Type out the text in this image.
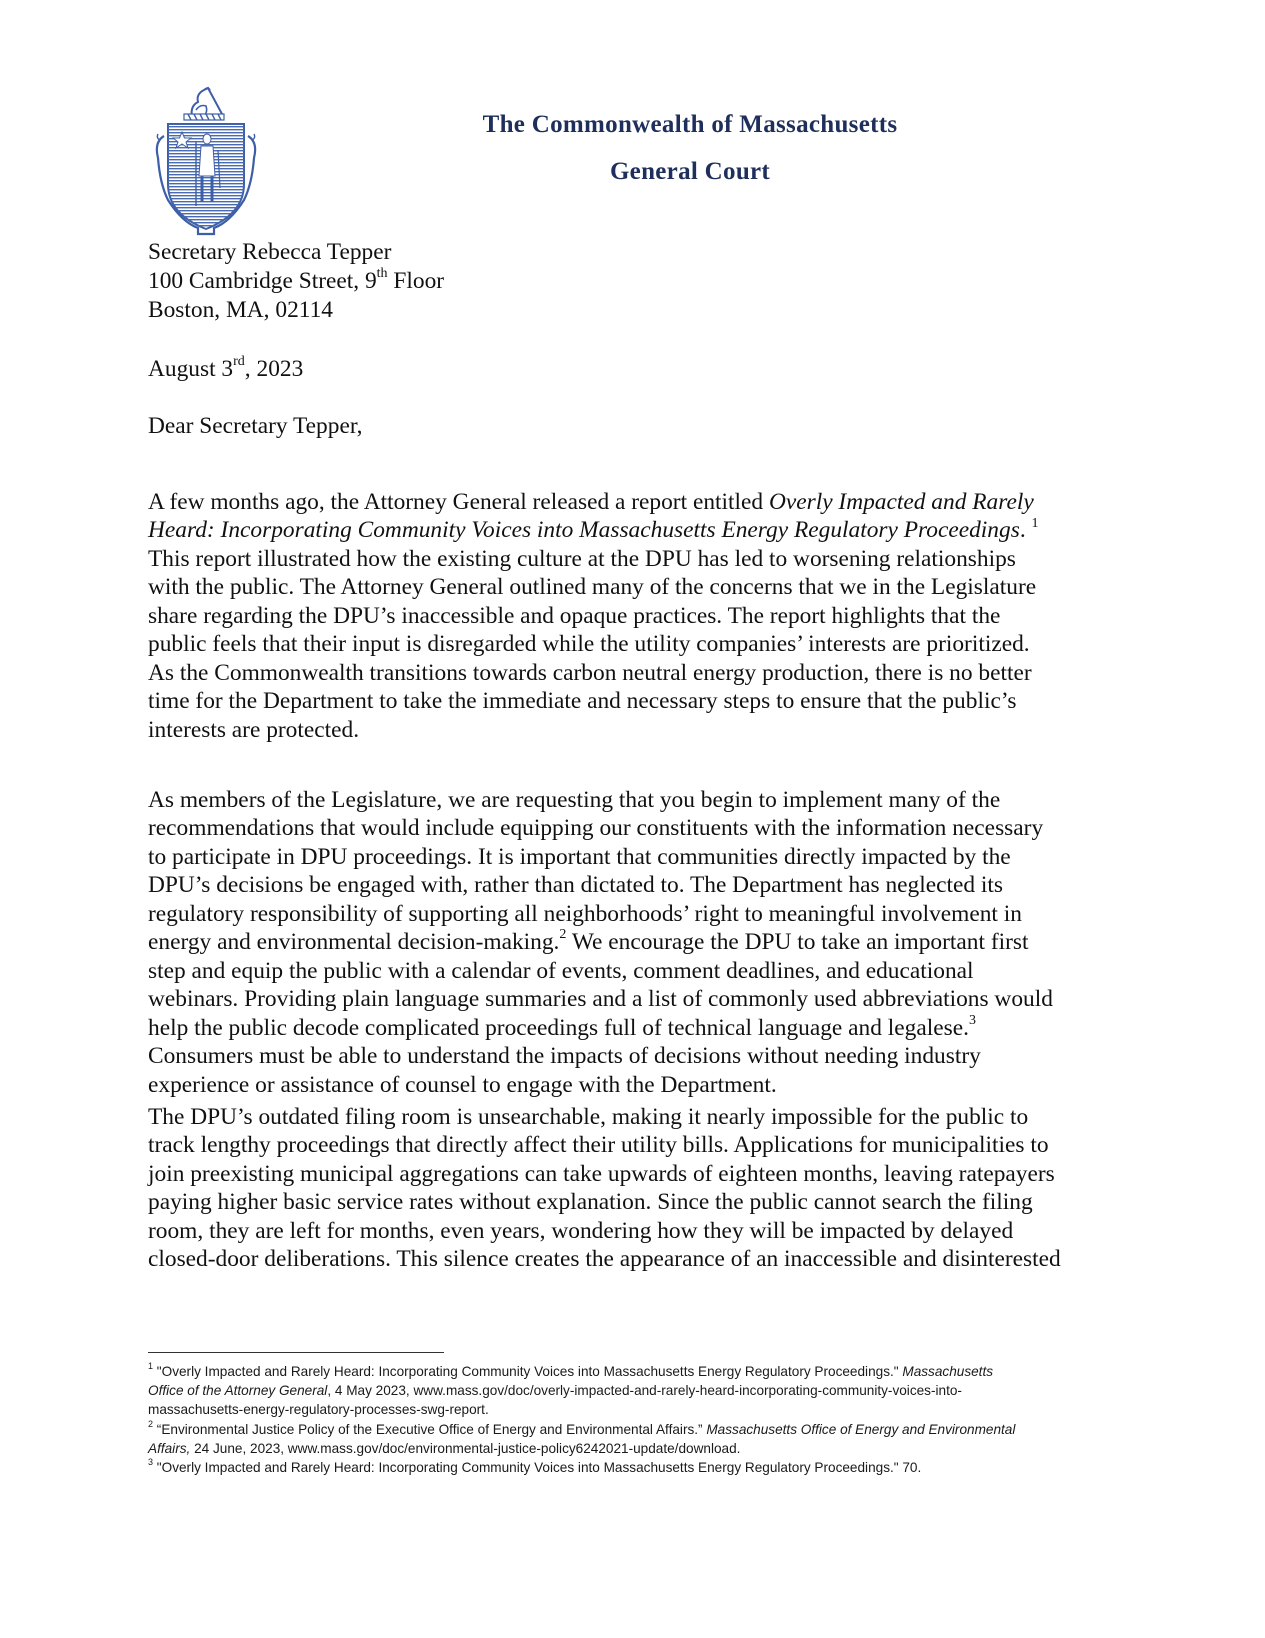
The Commonwealth of Massachusetts
General Court
Secretary Rebecca Tepper
100 Cambridge Street, 9th Floor
Boston, MA, 02114
August 3rd, 2023
Dear Secretary Tepper,
A few months ago, the Attorney General released a report entitled Overly Impacted and Rarely
Heard: Incorporating Community Voices into Massachusetts Energy Regulatory Proceedings. $^1$
This report illustrated how the existing culture at the DPU has led to worsening relationships
with the public. The Attorney General outlined many of the concerns that we in the Legislature
share regarding the DPU’s inaccessible and opaque practices. The report highlights that the
public feels that their input is disregarded while the utility companies’ interests are prioritized.
As the Commonwealth transitions towards carbon neutral energy production, there is no better
time for the Department to take the immediate and necessary steps to ensure that the public’s
interests are protected.
As members of the Legislature, we are requesting that you begin to implement many of the
recommendations that would include equipping our constituents with the information necessary
to participate in DPU proceedings. It is important that communities directly impacted by the
DPU’s decisions be engaged with, rather than dictated to. The Department has neglected its
regulatory responsibility of supporting all neighborhoods’ right to meaningful involvement in
energy and environmental decision-making.$^2$ We encourage the DPU to take an important first
step and equip the public with a calendar of events, comment deadlines, and educational
webinars. Providing plain language summaries and a list of commonly used abbreviations would
help the public decode complicated proceedings full of technical language and legalese.$^3$
Consumers must be able to understand the impacts of decisions without needing industry
experience or assistance of counsel to engage with the Department.
The DPU’s outdated filing room is unsearchable, making it nearly impossible for the public to
track lengthy proceedings that directly affect their utility bills. Applications for municipalities to
join preexisting municipal aggregations can take upwards of eighteen months, leaving ratepayers
paying higher basic service rates without explanation. Since the public cannot search the filing
room, they are left for months, even years, wondering how they will be impacted by delayed
closed-door deliberations. This silence creates the appearance of an inaccessible and disinterested
$^1$ "Overly Impacted and Rarely Heard: Incorporating Community Voices into Massachusetts Energy Regulatory Proceedings." Massachusetts
Office of the Attorney General, 4 May 2023, www.mass.gov/doc/overly-impacted-and-rarely-heard-incorporating-community-voices-into-
massachusetts-energy-regulatory-processes-swg-report.
$^2$ “Environmental Justice Policy of the Executive Office of Energy and Environmental Affairs.” Massachusetts Office of Energy and Environmental
Affairs, 24 June, 2023, www.mass.gov/doc/environmental-justice-policy6242021-update/download.
$^3$ "Overly Impacted and Rarely Heard: Incorporating Community Voices into Massachusetts Energy Regulatory Proceedings." 70.
